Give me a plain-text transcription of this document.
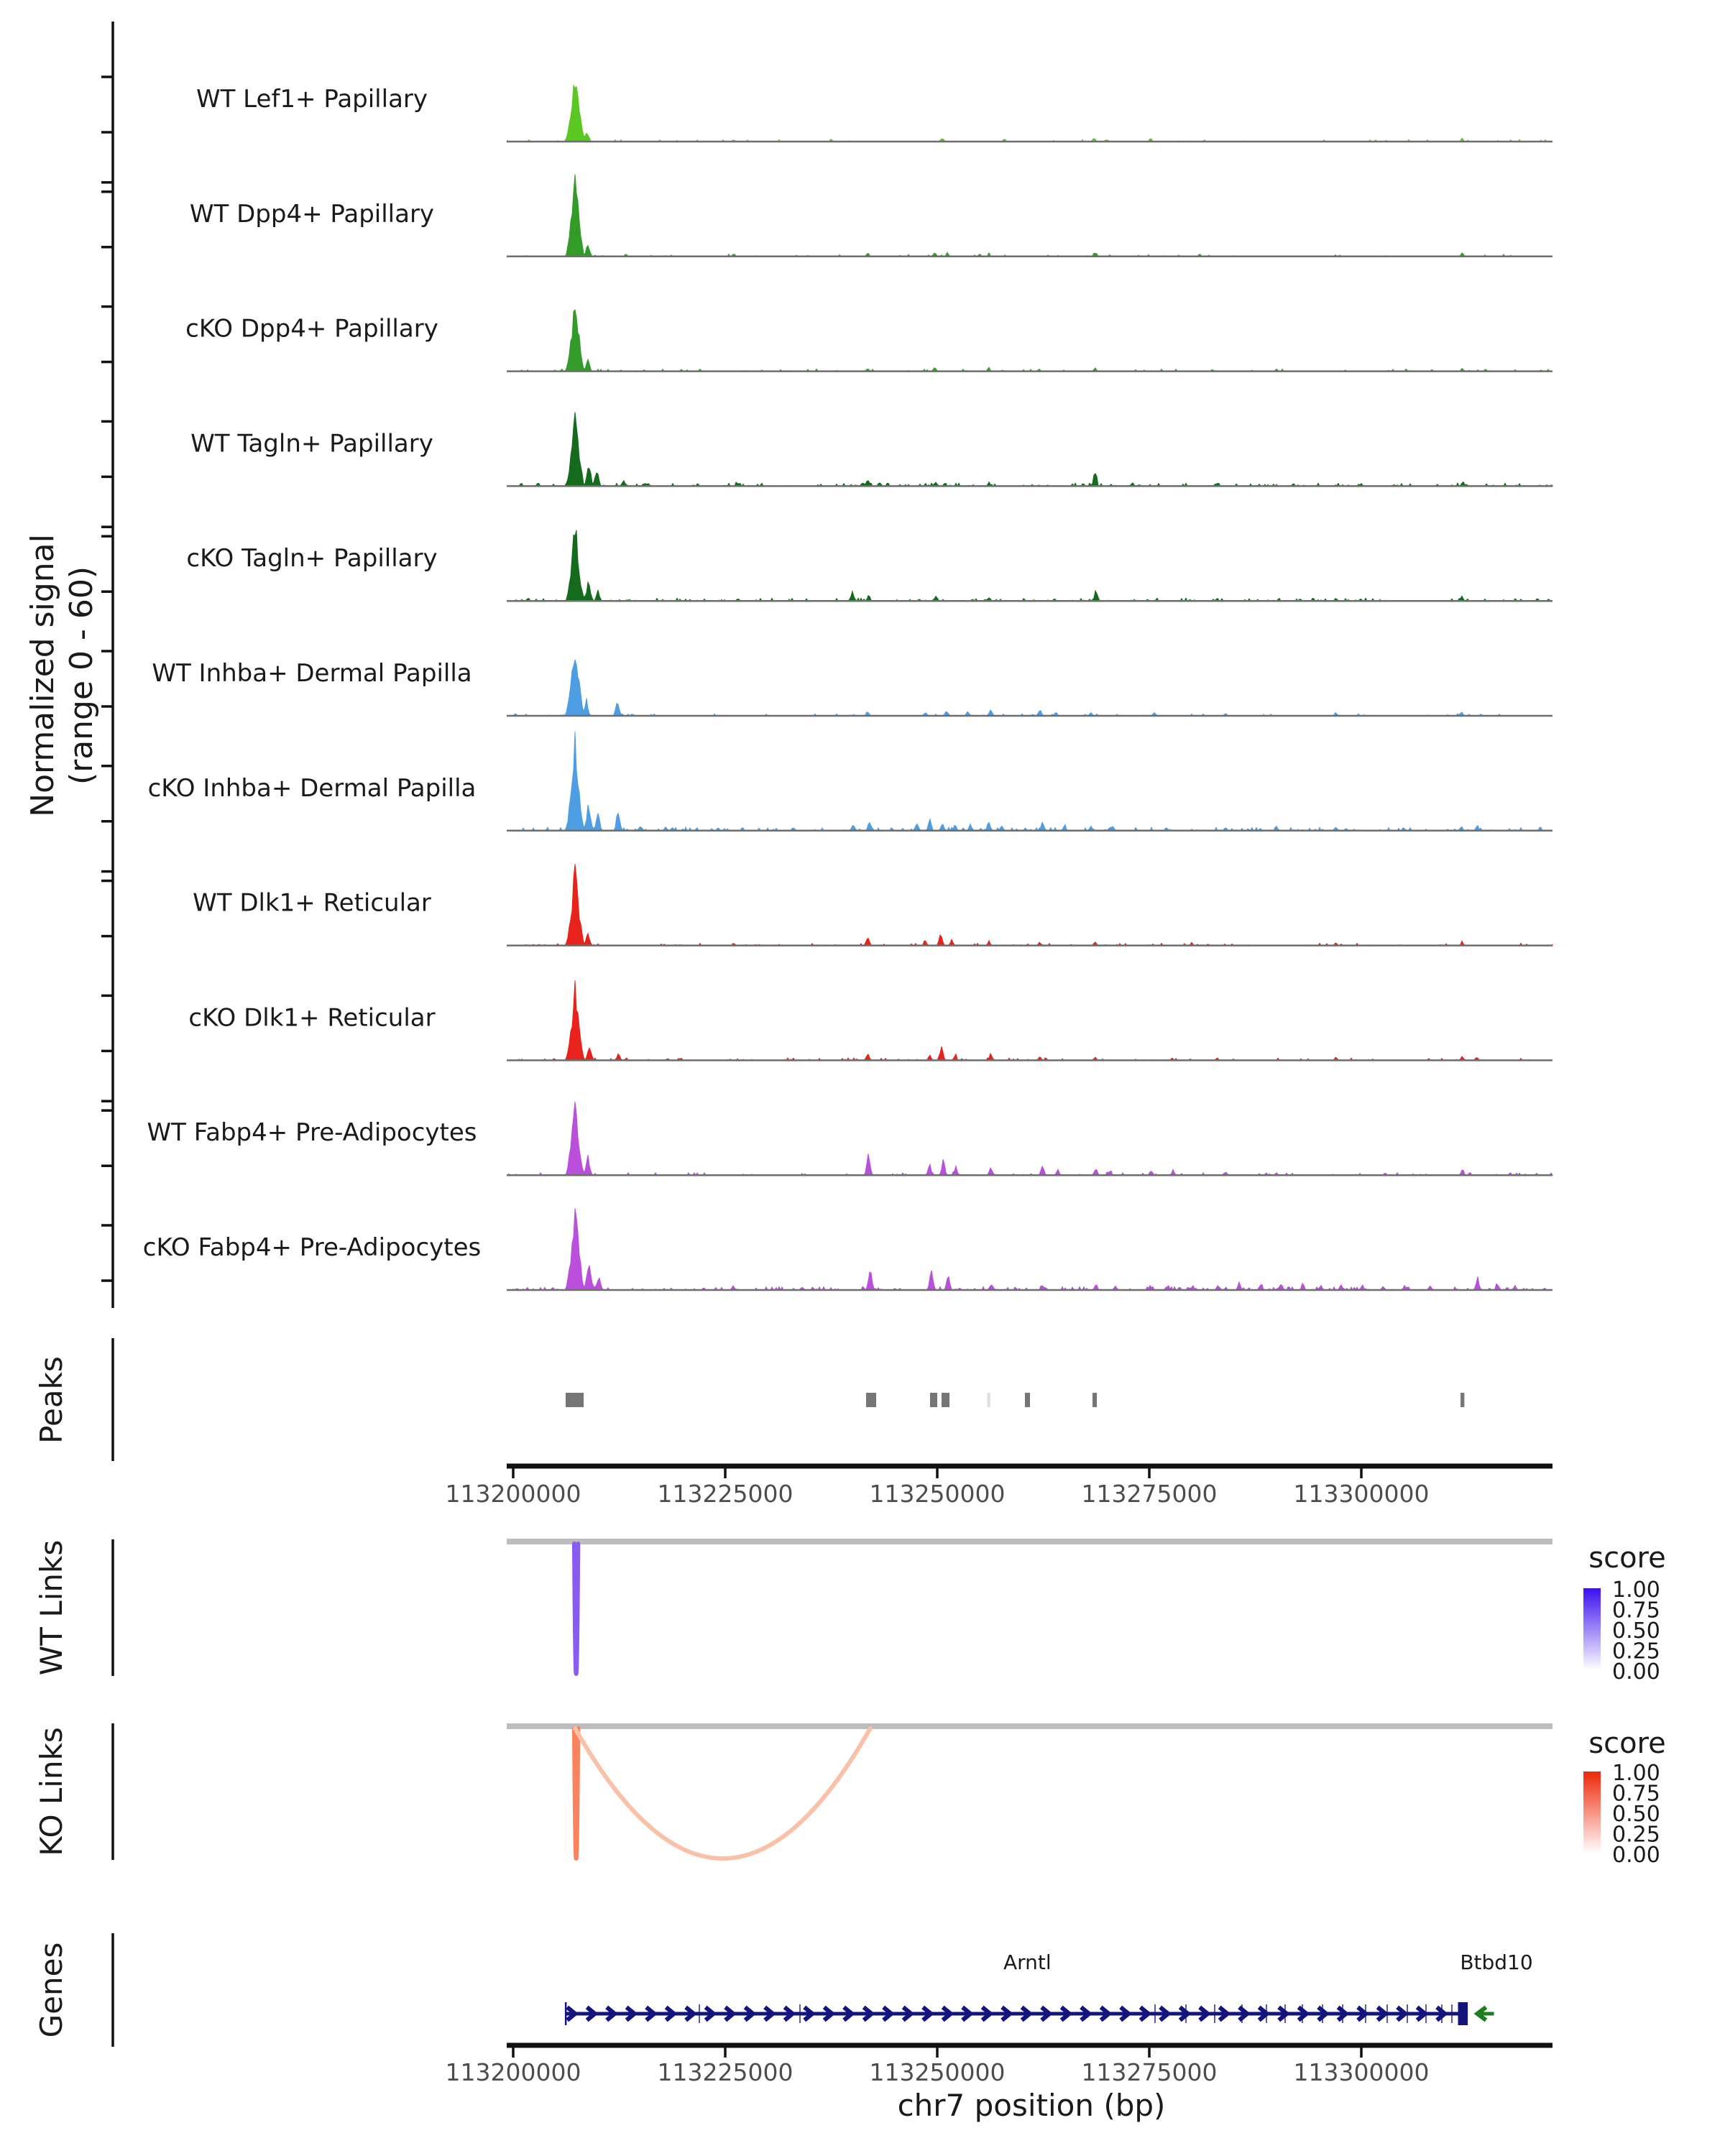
Normalized signal (range 0 - 60)
Peaks
WT Links
KO Links
Genes
WT Lef1+ Papillary
WT Dpp4+ Papillary
cKO Dpp4+ Papillary
WT Tagln+ Papillary
cKO Tagln+ Papillary
WT Inhba+ Dermal Papilla
cKO Inhba+ Dermal Papilla
WT Dlk1+ Reticular
cKO Dlk1+ Reticular
WT Fabp4+ Pre-Adipocytes
cKO Fabp4+ Pre-Adipocytes
113200000	113225000	113250000	113275000	113300000
Arntl	Btbd10
113200000	113225000	113250000	113275000	113300000
chr7 position (bp)
score
1.00
0.75
0.50
0.25
0.00
score
1.00
0.75
0.50
0.25
0.00
